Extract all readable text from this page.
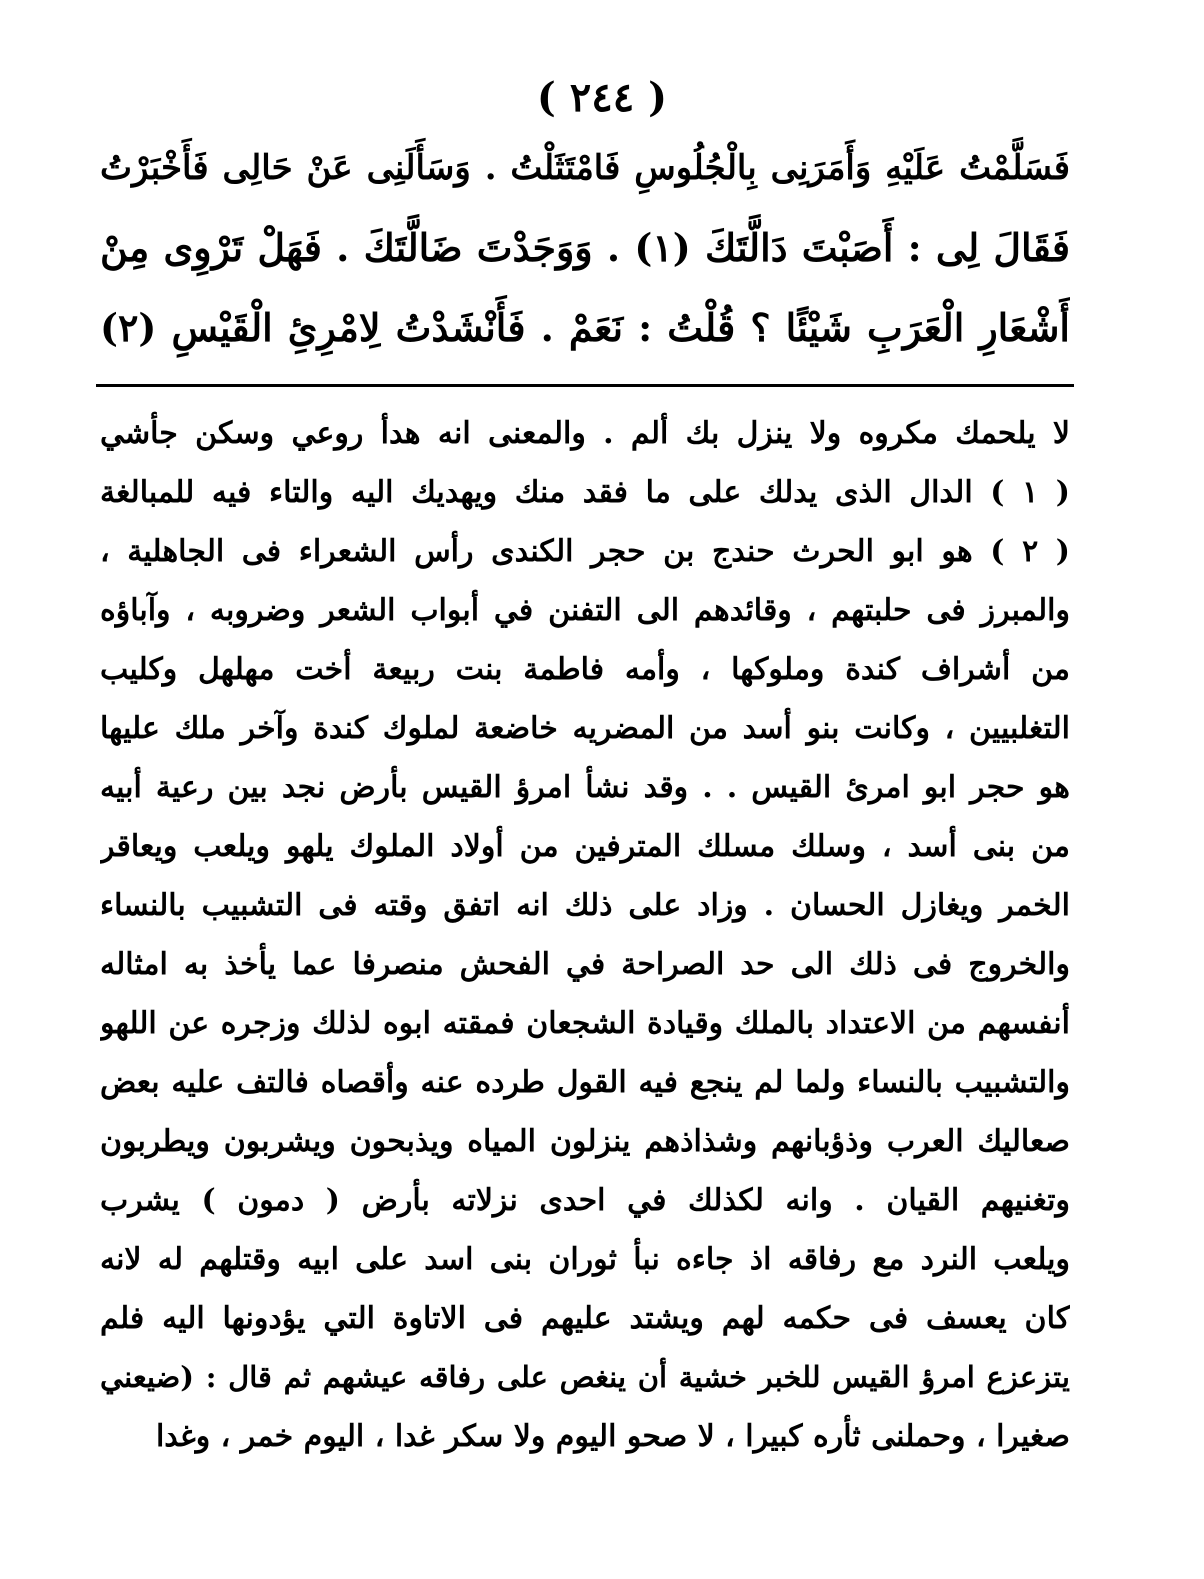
( ٢٤٤ )
فَسَلَّمْتُ عَلَيْهِ وَأَمَرَنِى بِالْجُلُوسِ فَامْتَثَلْتُ . وَسَأَلَنِى عَنْ حَالِى فَأَخْبَرْتُ
فَقَالَ لِى : أَصَبْتَ دَالَّتَكَ (١) . وَوَجَدْتَ ضَالَّتَكَ . فَهَلْ تَرْوِى مِنْ
أَشْعَارِ الْعَرَبِ شَيْئًا ؟ قُلْتُ : نَعَمْ . فَأَنْشَدْتُ لِامْرِئِ الْقَيْسِ (٢)
لا يلحمك مكروه ولا ينزل بك ألم . والمعنى انه هدأ روعي وسكن جأشي
( ١ ) الدال الذى يدلك على ما فقد منك ويهديك اليه والتاء فيه للمبالغة
( ٢ ) هو ابو الحرث حندج بن حجر الكندى رأس الشعراء فى الجاهلية ،
والمبرز فى حلبتهم ، وقائدهم الى التفنن في أبواب الشعر وضروبه ، وآباؤه
من أشراف كندة وملوكها ، وأمه فاطمة بنت ربيعة أخت مهلهل وكليب
التغلبيين ، وكانت بنو أسد من المضريه خاضعة لملوك كندة وآخر ملك عليها
هو حجر ابو امرئ القيس . . وقد نشأ امرؤ القيس بأرض نجد بين رعية أبيه
من بنى أسد ، وسلك مسلك المترفين من أولاد الملوك يلهو ويلعب ويعاقر
الخمر ويغازل الحسان . وزاد على ذلك انه اتفق وقته فى التشبيب بالنساء
والخروج فى ذلك الى حد الصراحة في الفحش منصرفا عما يأخذ به امثاله
أنفسهم من الاعتداد بالملك وقيادة الشجعان فمقته ابوه لذلك وزجره عن اللهو
والتشبيب بالنساء ولما لم ينجع فيه القول طرده عنه وأقصاه فالتف عليه بعض
صعاليك العرب وذؤبانهم وشذاذهم ينزلون المياه ويذبحون ويشربون ويطربون
وتغنيهم القيان . وانه لكذلك في احدى نزلاته بأرض ( دمون ) يشرب
ويلعب النرد مع رفاقه اذ جاءه نبأ ثوران بنى اسد على ابيه وقتلهم له لانه
كان يعسف فى حكمه لهم ويشتد عليهم فى الاتاوة التي يؤدونها اليه فلم
يتزعزع امرؤ القيس للخبر خشية أن ينغص على رفاقه عيشهم ثم قال : (ضيعني
صغيرا ، وحملنى ثأره كبيرا ، لا صحو اليوم ولا سكر غدا ، اليوم خمر ، وغدا
